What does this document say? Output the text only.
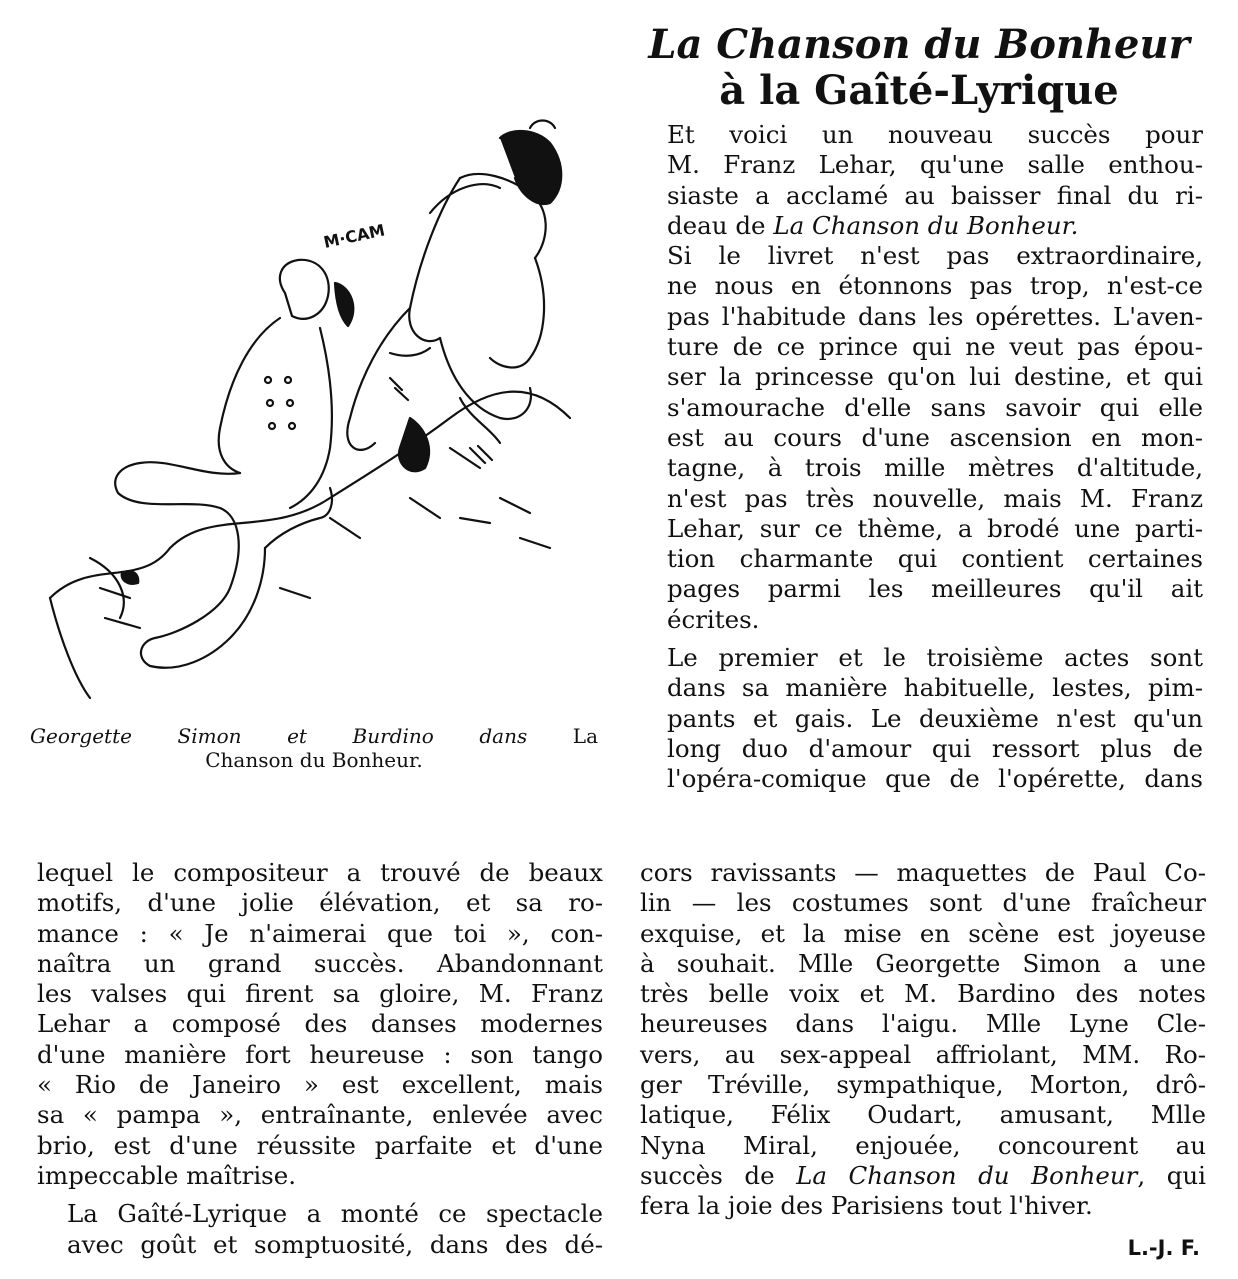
M·CAM
Georgette Simon et Burdino dans La
Chanson du Bonheur.
La Chanson du Bonheur
à la Gaîté-Lyrique

Et voici un nouveau succès pour
M. Franz Lehar, qu'une salle enthou-
siaste a acclamé au baisser final du ri-
deau de La Chanson du Bonheur.

Si le livret n'est pas extraordinaire,
ne nous en étonnons pas trop, n'est-ce
pas l'habitude dans les opérettes. L'aven-
ture de ce prince qui ne veut pas épou-
ser la princesse qu'on lui destine, et qui
s'amourache d'elle sans savoir qui elle
est au cours d'une ascension en mon-
tagne, à trois mille mètres d'altitude,
n'est pas très nouvelle, mais M. Franz
Lehar, sur ce thème, a brodé une parti-
tion charmante qui contient certaines
pages parmi les meilleures qu'il ait
écrites.

Le premier et le troisième actes sont
dans sa manière habituelle, lestes, pim-
pants et gais. Le deuxième n'est qu'un
long duo d'amour qui ressort plus de
l'opéra-comique que de l'opérette, dans

lequel le compositeur a trouvé de beaux
motifs, d'une jolie élévation, et sa ro-
mance : « Je n'aimerai que toi », con-
naîtra un grand succès. Abandonnant
les valses qui firent sa gloire, M. Franz
Lehar a composé des danses modernes
d'une manière fort heureuse : son tango
« Rio de Janeiro » est excellent, mais
sa « pampa », entraînante, enlevée avec
brio, est d'une réussite parfaite et d'une
impeccable maîtrise.

La Gaîté-Lyrique a monté ce spectacle
avec goût et somptuosité, dans des dé-

cors ravissants — maquettes de Paul Co-
lin — les costumes sont d'une fraîcheur
exquise, et la mise en scène est joyeuse
à souhait. Mlle Georgette Simon a une
très belle voix et M. Bardino des notes
heureuses dans l'aigu. Mlle Lyne Cle-
vers, au sex-appeal affriolant, MM. Ro-
ger Tréville, sympathique, Morton, drô-
latique, Félix Oudart, amusant, Mlle
Nyna Miral, enjouée, concourent au
succès de La Chanson du Bonheur, qui
fera la joie des Parisiens tout l'hiver.

L.-J. F.
